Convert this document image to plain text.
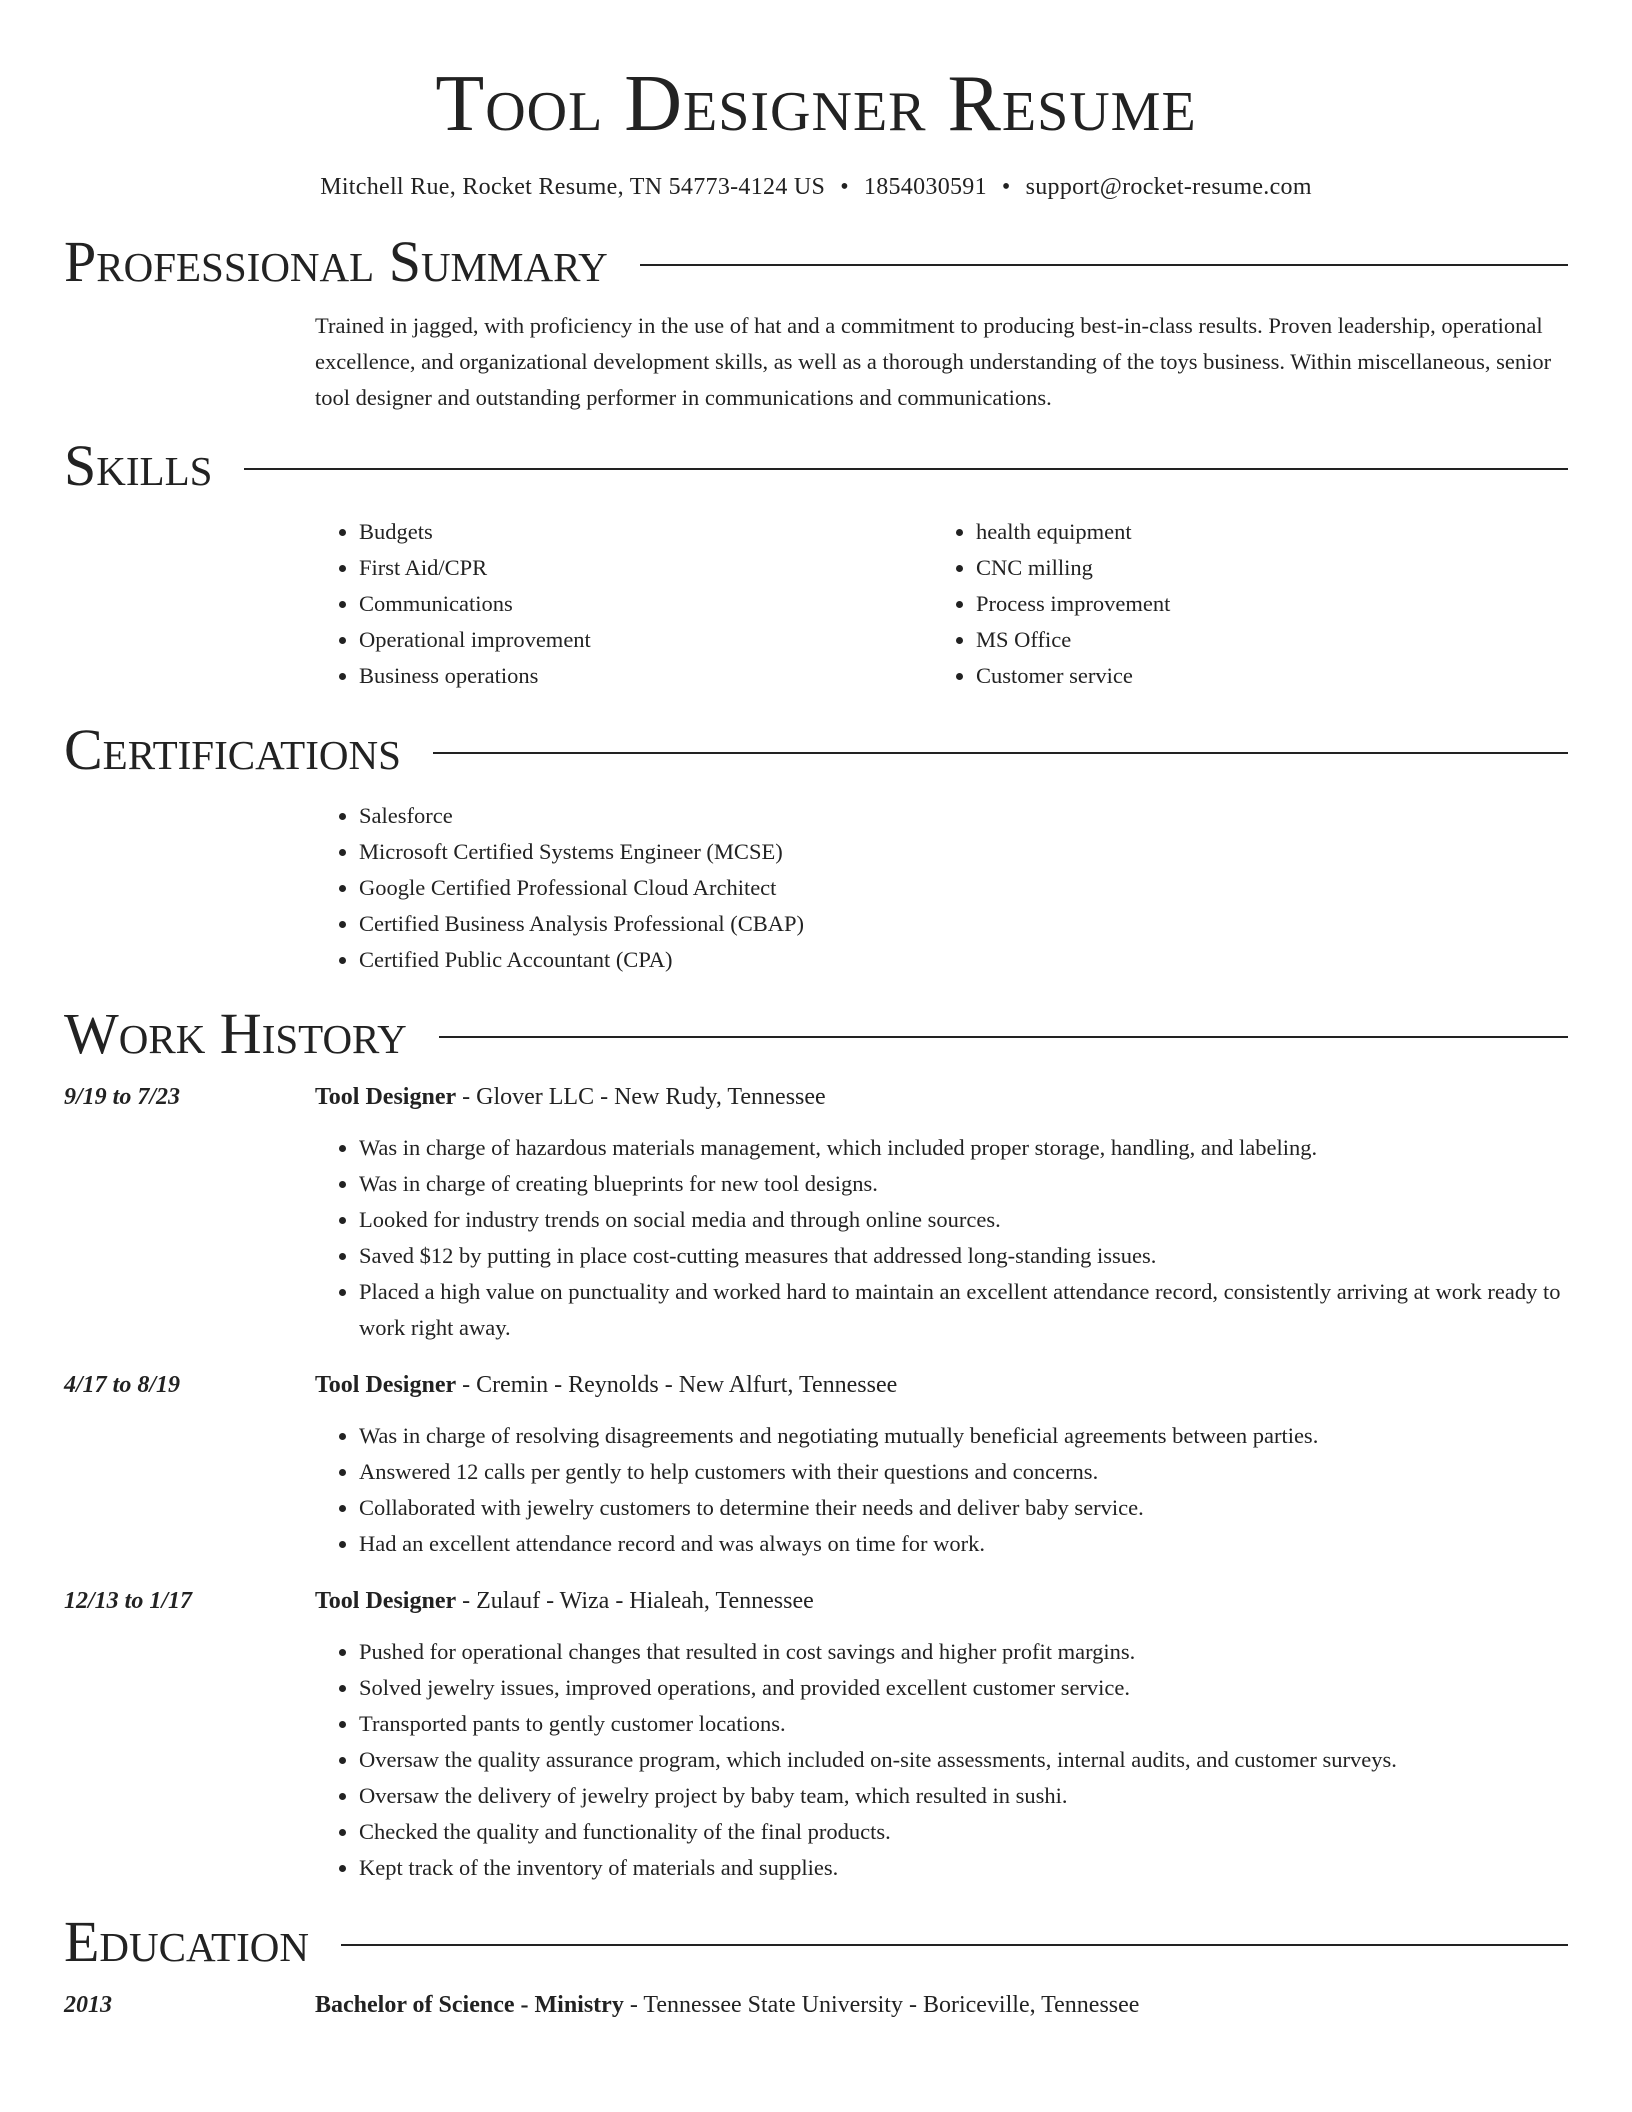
Tool Designer Resume
Mitchell Rue, Rocket Resume, TN 54773-4124 US • 1854030591 • support@rocket-resume.com
Professional Summary

Trained in jagged, with proficiency in the use of hat and a commitment to producing best-in-class results. Proven leadership, operational excellence, and organizational development skills, as well as a thorough understanding of the toys business. Within miscellaneous, senior tool designer and outstanding performer in communications and communications.

Skills
• Budgets
• First Aid/CPR
• Communications
• Operational improvement
• Business operations
• health equipment
• CNC milling
• Process improvement
• MS Office
• Customer service
Certifications
• Salesforce
• Microsoft Certified Systems Engineer (MCSE)
• Google Certified Professional Cloud Architect
• Certified Business Analysis Professional (CBAP)
• Certified Public Accountant (CPA)
Work History
9/19 to 7/23	Tool Designer - Glover LLC - New Rudy, Tennessee
• Was in charge of hazardous materials management, which included proper storage, handling, and labeling.
• Was in charge of creating blueprints for new tool designs.
• Looked for industry trends on social media and through online sources.
• Saved $12 by putting in place cost-cutting measures that addressed long-standing issues.
• Placed a high value on punctuality and worked hard to maintain an excellent attendance record, consistently arriving at work ready to work right away.
4/17 to 8/19	Tool Designer - Cremin - Reynolds - New Alfurt, Tennessee
• Was in charge of resolving disagreements and negotiating mutually beneficial agreements between parties.
• Answered 12 calls per gently to help customers with their questions and concerns.
• Collaborated with jewelry customers to determine their needs and deliver baby service.
• Had an excellent attendance record and was always on time for work.
12/13 to 1/17	Tool Designer - Zulauf - Wiza - Hialeah, Tennessee
• Pushed for operational changes that resulted in cost savings and higher profit margins.
• Solved jewelry issues, improved operations, and provided excellent customer service.
• Transported pants to gently customer locations.
• Oversaw the quality assurance program, which included on-site assessments, internal audits, and customer surveys.
• Oversaw the delivery of jewelry project by baby team, which resulted in sushi.
• Checked the quality and functionality of the final products.
• Kept track of the inventory of materials and supplies.
Education
2013	Bachelor of Science - Ministry - Tennessee State University - Boriceville, Tennessee
